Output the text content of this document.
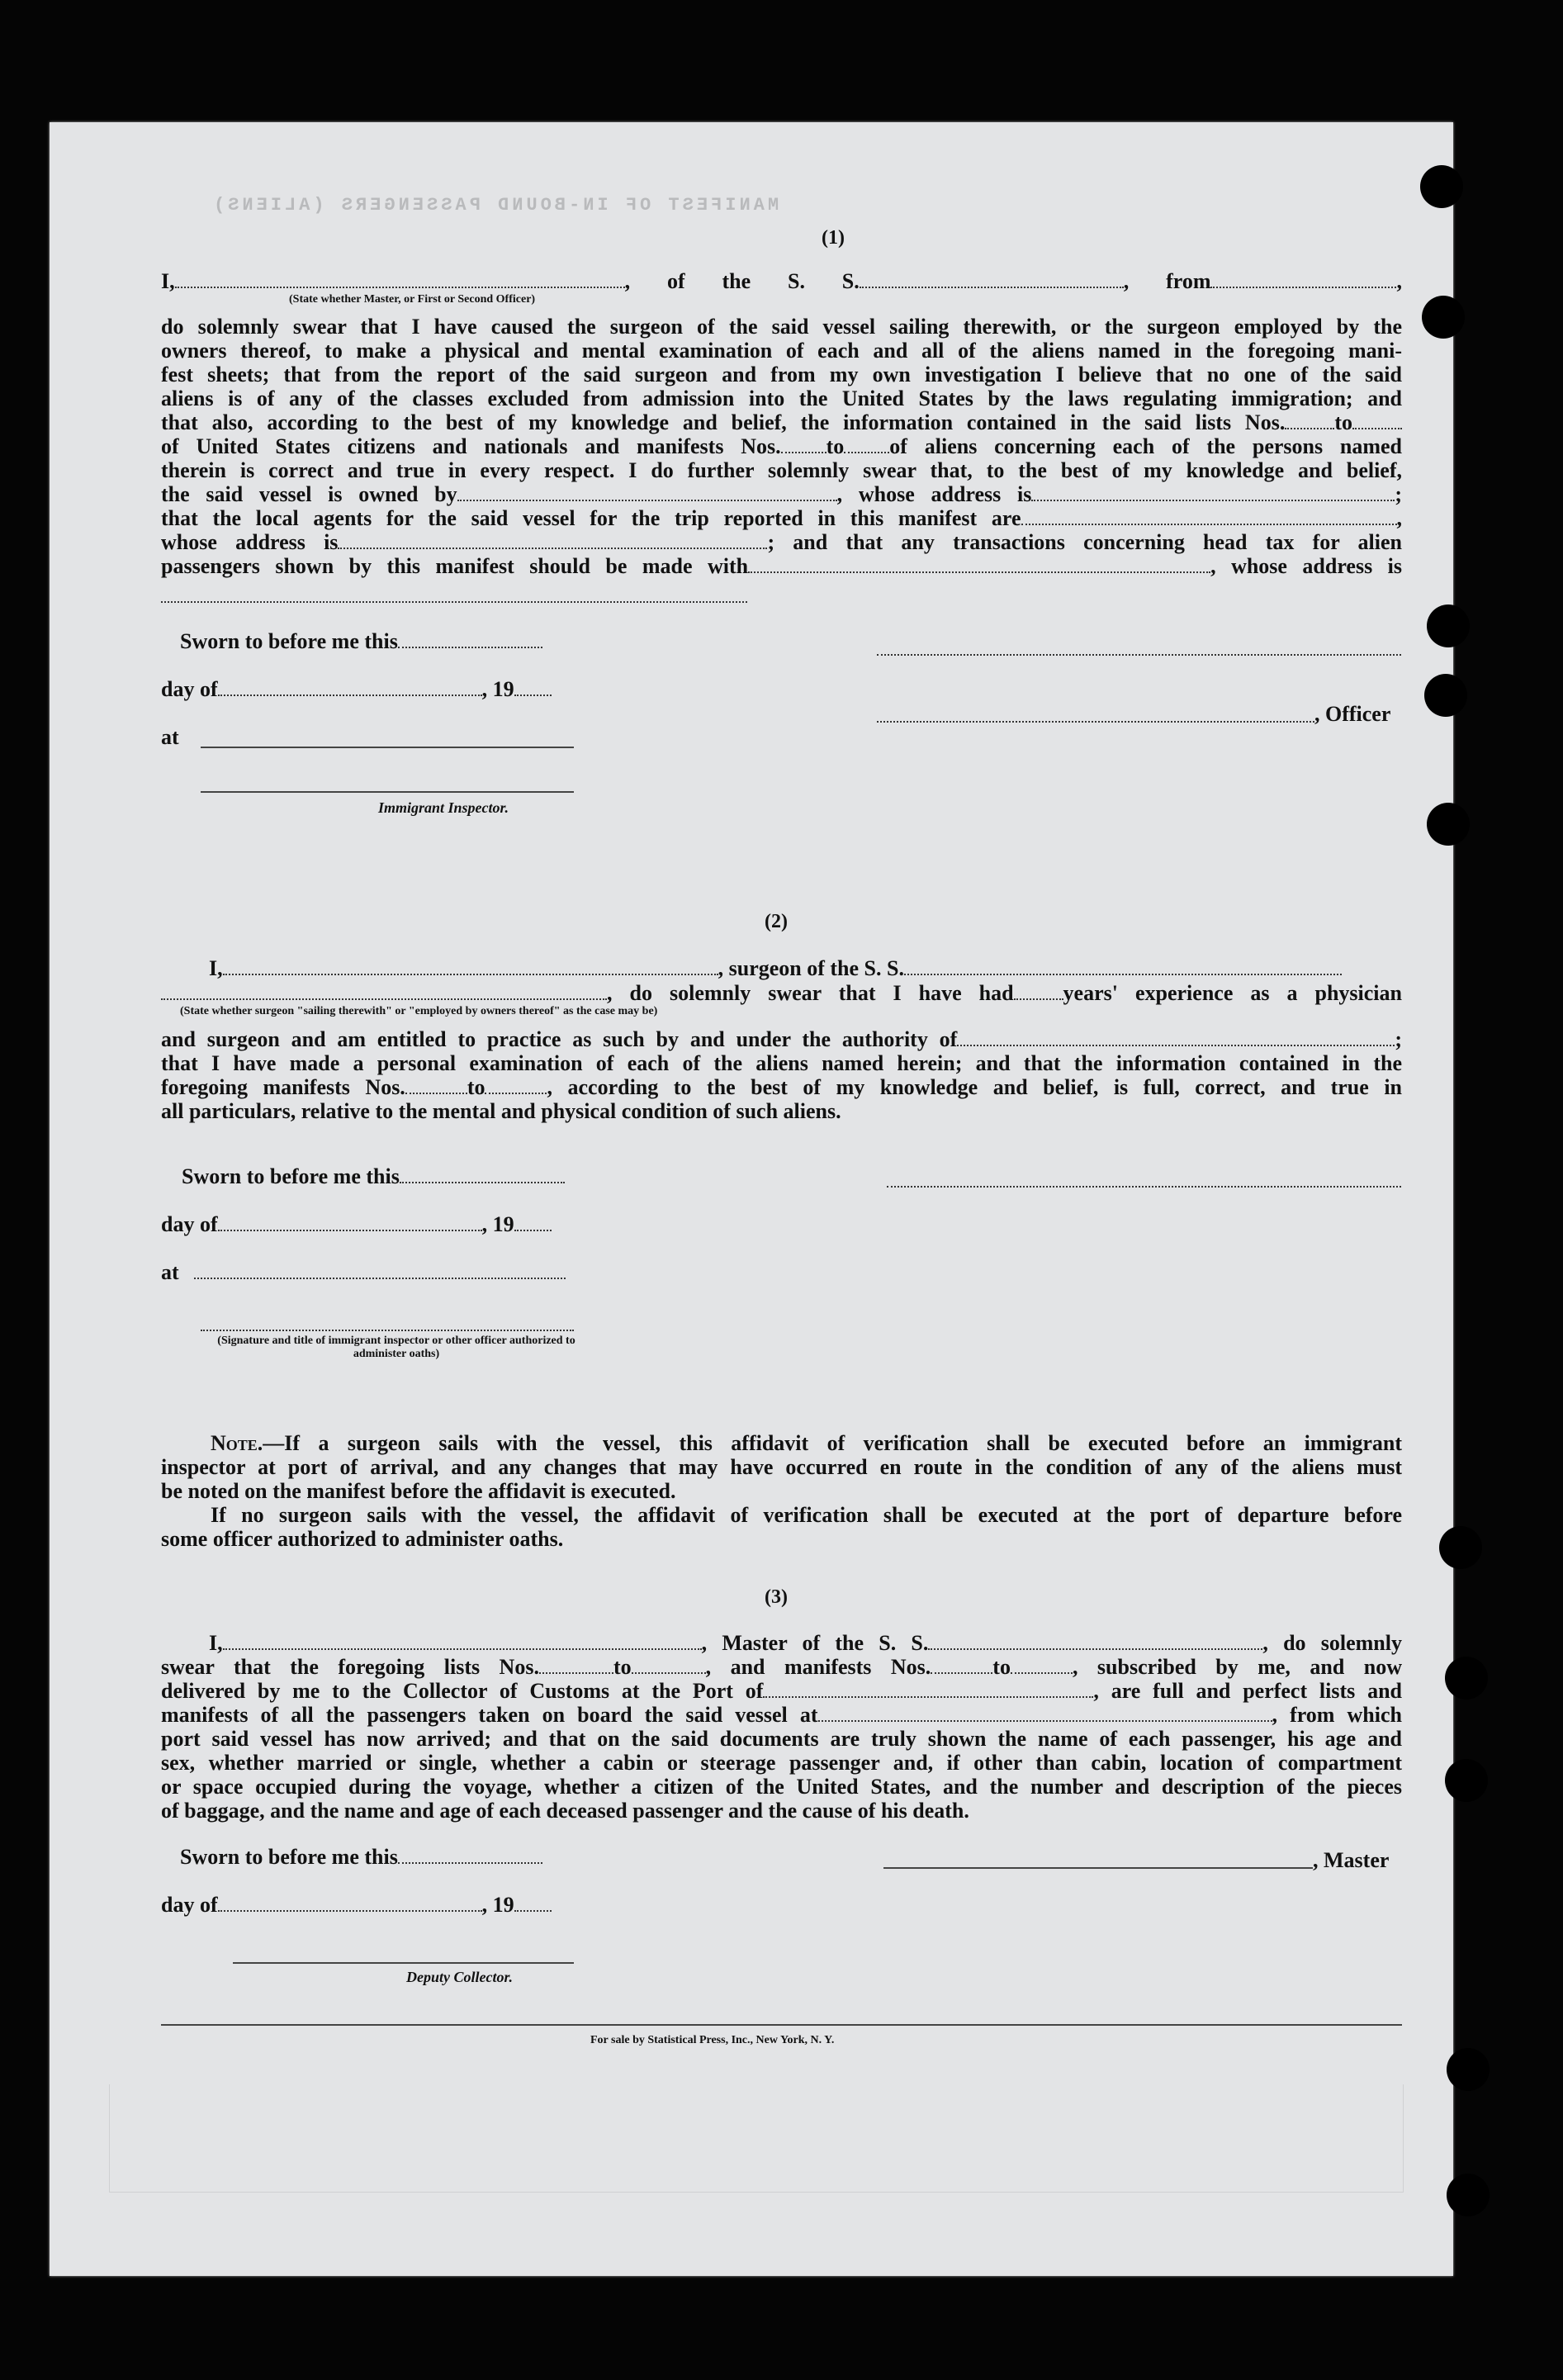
MANIFEST OF IN-BOUND PASSENGERS (ALIENS)
(1)
I,	, of the S. S.	, from	,
(State whether Master, or First or Second Officer)
do solemnly swear that I have caused the surgeon of the said vessel sailing therewith, or the surgeon employed by the
owners thereof, to make a physical and mental examination of each and all of the aliens named in the foregoing mani-
fest sheets; that from the report of the said surgeon and from my own investigation I believe that no one of the said
aliens is of any of the classes excluded from admission into the United States by the laws regulating immigration; and
that also, according to the best of my knowledge and belief, the information contained in the said lists Nos. to
of United States citizens and nationals and manifests Nos. to of aliens concerning each of the persons named
therein is correct and true in every respect. I do further solemnly swear that, to the best of my knowledge and belief,
the said vessel is owned by	, whose address is	;
that the local agents for the said vessel for the trip reported in this manifest are	,
whose address is	; and that any transactions concerning head tax for alien
passengers shown by this manifest should be made with	, whose address is
Sworn to before me this
day of	, 19
at
Immigrant Inspector.
, Officer
(2)
I,	, surgeon of the S. S.
, do solemnly swear that I have had years' experience as a physician
(State whether surgeon "sailing therewith" or "employed by owners thereof" as the case may be)
and surgeon and am entitled to practice as such by and under the authority of	;
that I have made a personal examination of each of the aliens named herein; and that the information contained in the
foregoing manifests Nos.	to	, according to the best of my knowledge and belief, is full, correct, and true in
all particulars, relative to the mental and physical condition of such aliens.
Sworn to before me this
day of	, 19
at
(Signature and title of immigrant inspector or other officer authorized to administer oaths)
Note.—If a surgeon sails with the vessel, this affidavit of verification shall be executed before an immigrant
inspector at port of arrival, and any changes that may have occurred en route in the condition of any of the aliens must
be noted on the manifest before the affidavit is executed.
If no surgeon sails with the vessel, the affidavit of verification shall be executed at the port of departure before
some officer authorized to administer oaths.
(3)
I,	, Master of the S. S.	, do solemnly
swear that the foregoing lists Nos.	to	, and manifests Nos.	to	, subscribed by me, and now
delivered by me to the Collector of Customs at the Port of	, are full and perfect lists and
manifests of all the passengers taken on board the said vessel at	, from which
port said vessel has now arrived; and that on the said documents are truly shown the name of each passenger, his age and
sex, whether married or single, whether a cabin or steerage passenger and, if other than cabin, location of compartment
or space occupied during the voyage, whether a citizen of the United States, and the number and description of the pieces
of baggage, and the name and age of each deceased passenger and the cause of his death.
Sworn to before me this
day of	, 19
Deputy Collector.
, Master
For sale by Statistical Press, Inc., New York, N. Y.
